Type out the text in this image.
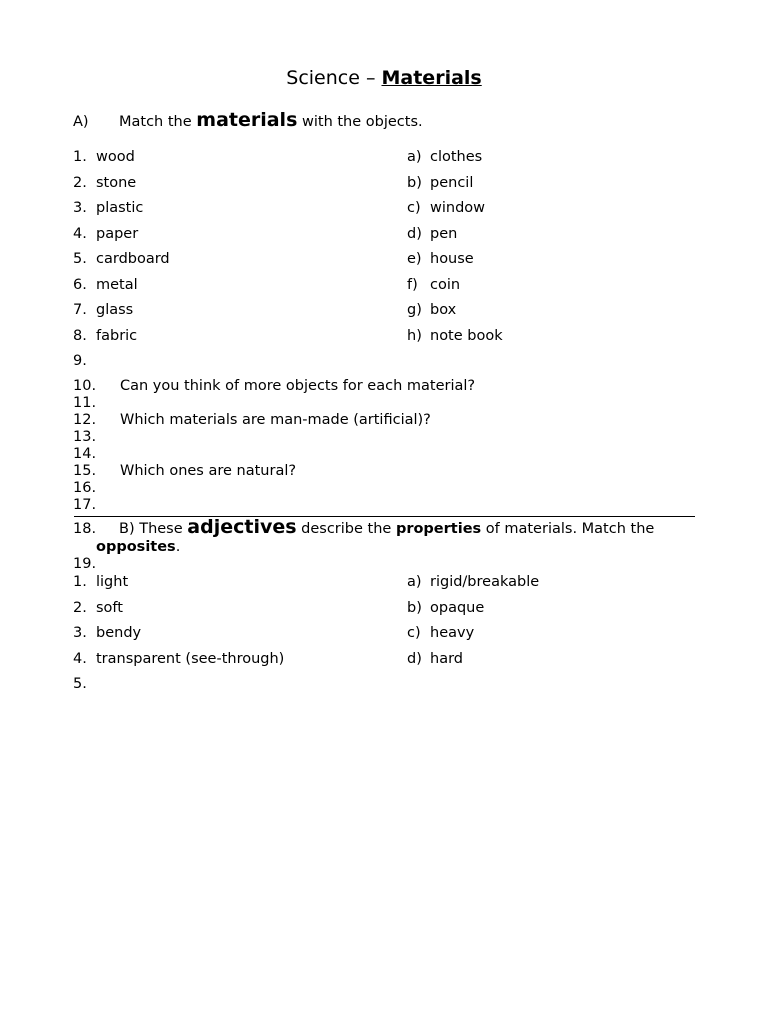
Science – Materials
A) Match the materials with the objects.
1. wood
2. stone
3. plastic
4. paper
5. cardboard
6. metal
7. glass
8. fabric
a) clothes
b) pencil
c) window
d) pen
e) house
f) coin
g) box
h) note book
9.
10. Can you think of more objects for each material?
11.
12. Which materials are man-made (artificial)?
13.
14.
15. Which ones are natural?
16.
17.
18. B) These adjectives describe the properties of materials. Match the
opposites.
19.
1. light
2. soft
3. bendy
4. transparent (see-through)
a) rigid/breakable
b) opaque
c) heavy
d) hard
5.
